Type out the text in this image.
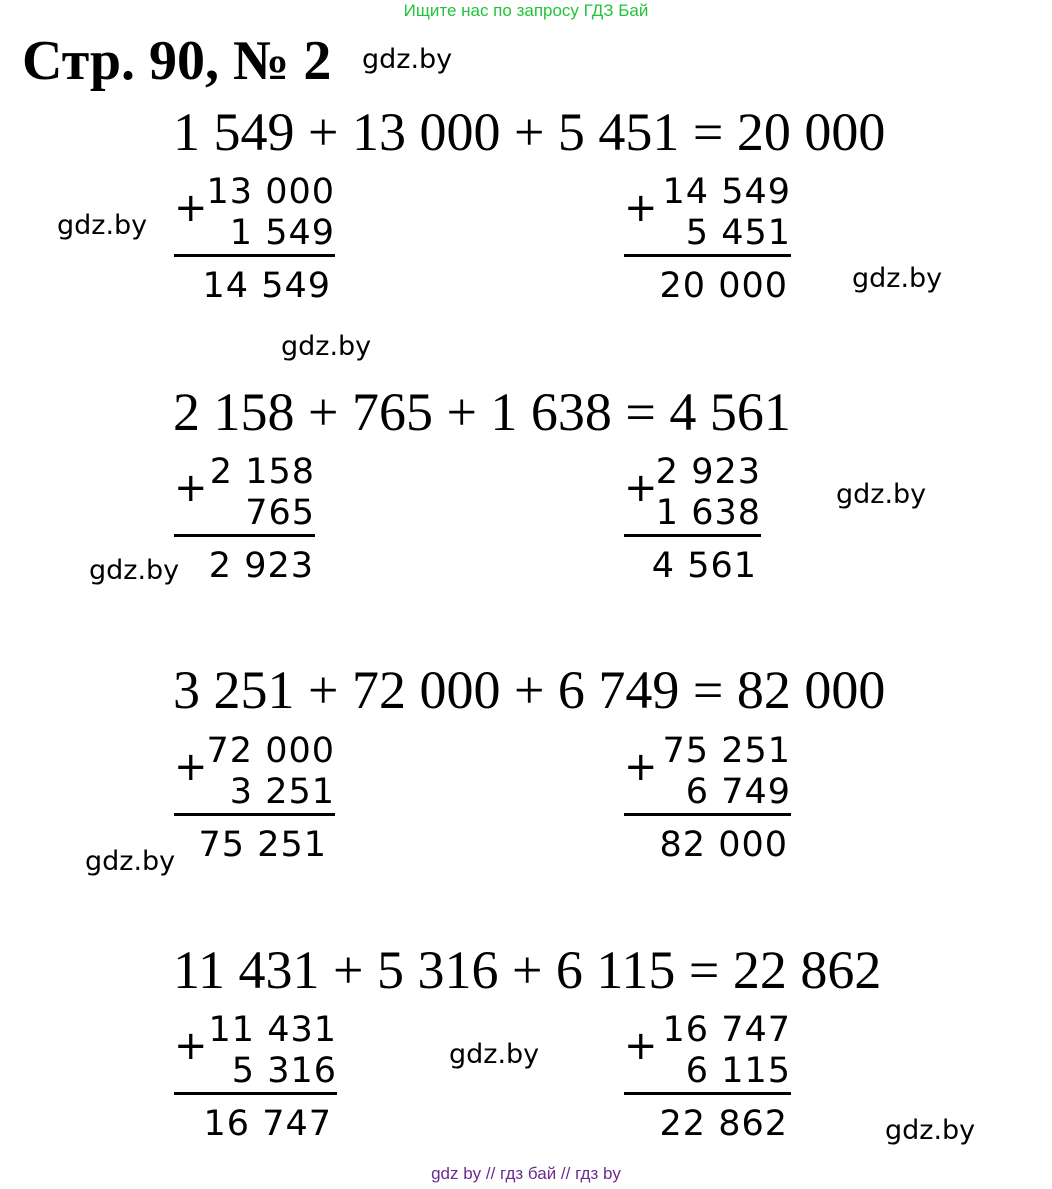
Ищите нас по запросу ГДЗ Бай
Стр. 90, № 2 gdz.by
1 549 + 13 000 + 5 451 = 20 000
+ 13 000
1 549
14 549
+ 14 549
5 451
20 000
gdz.by
gdz.by
gdz.by
2 158 + 765 + 1 638 = 4 561
+ 2 158
765
2 923
+
2 923
1 638
4 561
gdz.by
gdz.by
3 251 + 72 000 + 6 749 = 82 000
+ 72 000
3 251
75 251
+ 75 251
6 749
82 000
gdz.by
11 431 + 5 316 + 6 115 = 22 862
+ 11 431
5 316
16 747
+ 16 747
6 115
22 862
gdz.by
gdz.by
gdz by // гдз бай // гдз by
